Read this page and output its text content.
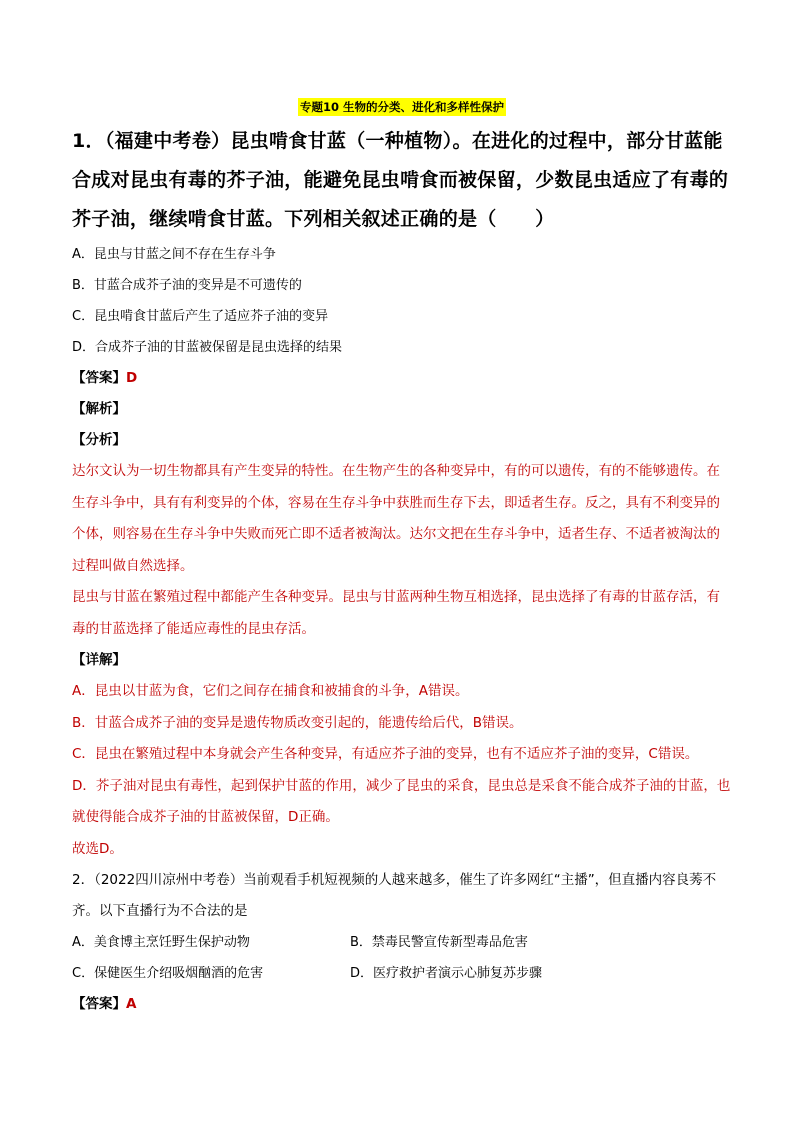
专题10 生物的分类、进化和多样性保护

1．（福建中考卷）昆虫啃食甘蓝（一种植物）。在进化的过程中，部分甘蓝能合成对昆虫有毒的芥子油，能避免昆虫啃食而被保留，少数昆虫适应了有毒的芥子油，继续啃食甘蓝。下列相关叙述正确的是（　　）

A．昆虫与甘蓝之间不存在生存斗争

B．甘蓝合成芥子油的变异是不可遗传的

C．昆虫啃食甘蓝后产生了适应芥子油的变异

D．合成芥子油的甘蓝被保留是昆虫选择的结果

【答案】D

【解析】

【分析】

达尔文认为一切生物都具有产生变异的特性。在生物产生的各种变异中，有的可以遗传，有的不能够遗传。在生存斗争中，具有有利变异的个体，容易在生存斗争中获胜而生存下去，即适者生存。反之，具有不利变异的个体，则容易在生存斗争中失败而死亡即不适者被淘汰。达尔文把在生存斗争中，适者生存、不适者被淘汰的过程叫做自然选择。

昆虫与甘蓝在繁殖过程中都能产生各种变异。昆虫与甘蓝两种生物互相选择，昆虫选择了有毒的甘蓝存活，有毒的甘蓝选择了能适应毒性的昆虫存活。

【详解】

A．昆虫以甘蓝为食，它们之间存在捕食和被捕食的斗争，A错误。

B．甘蓝合成芥子油的变异是遗传物质改变引起的，能遗传给后代，B错误。

C．昆虫在繁殖过程中本身就会产生各种变异，有适应芥子油的变异，也有不适应芥子油的变异，C错误。

D．芥子油对昆虫有毒性，起到保护甘蓝的作用，减少了昆虫的采食，昆虫总是采食不能合成芥子油的甘蓝，也就使得能合成芥子油的甘蓝被保留，D正确。

故选D。

2．（2022四川凉州中考卷）当前观看手机短视频的人越来越多，催生了许多网红“主播”，但直播内容良莠不齐。以下直播行为不合法的是

A．美食博主烹饪野生保护动物	B．禁毒民警宣传新型毒品危害
C．保健医生介绍吸烟酗酒的危害	D．医疗救护者演示心肺复苏步骤

【答案】A
